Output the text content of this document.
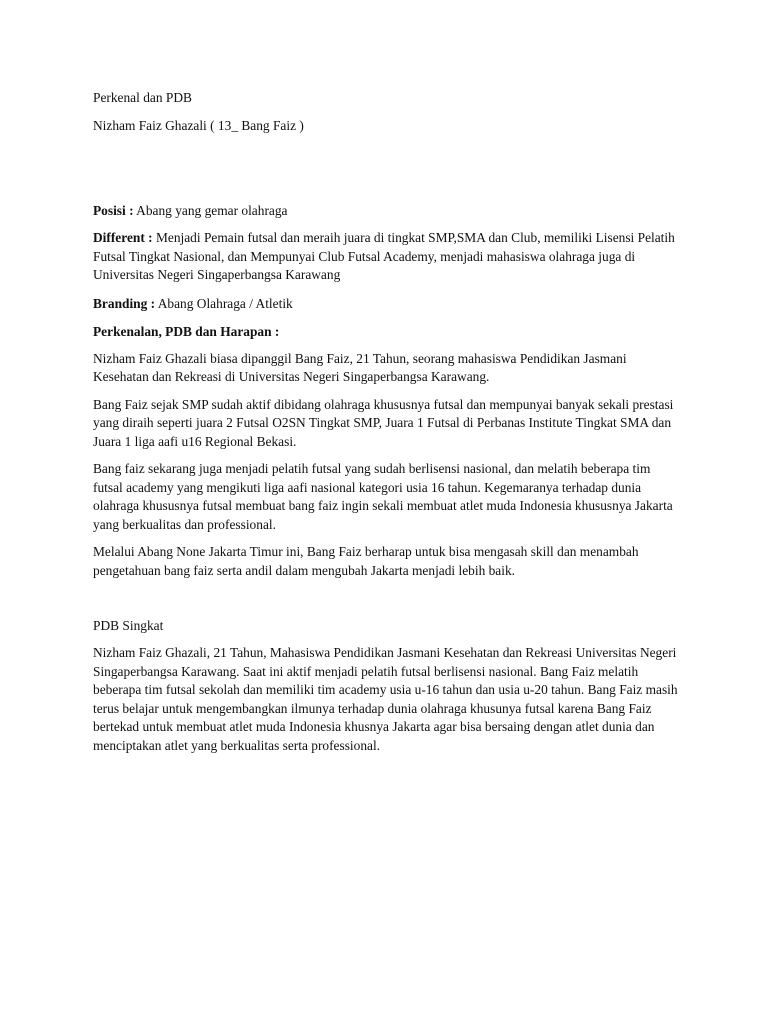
Perkenal dan PDB

Nizham Faiz Ghazali ( 13_ Bang Faiz )

Posisi : Abang yang gemar olahraga

Different : Menjadi Pemain futsal dan meraih juara di tingkat SMP,SMA dan Club, memiliki Lisensi Pelatih Futsal Tingkat Nasional, dan Mempunyai Club Futsal Academy, menjadi mahasiswa olahraga juga di Universitas Negeri Singaperbangsa Karawang

Branding : Abang Olahraga / Atletik

Perkenalan, PDB dan Harapan :

Nizham Faiz Ghazali biasa dipanggil Bang Faiz, 21 Tahun, seorang mahasiswa Pendidikan Jasmani Kesehatan dan Rekreasi di Universitas Negeri Singaperbangsa Karawang.

Bang Faiz sejak SMP sudah aktif dibidang olahraga khususnya futsal dan mempunyai banyak sekali prestasi yang diraih seperti juara 2 Futsal O2SN Tingkat SMP, Juara 1 Futsal di Perbanas Institute Tingkat SMA dan Juara 1 liga aafi u16 Regional Bekasi.

Bang faiz sekarang juga menjadi pelatih futsal yang sudah berlisensi nasional, dan melatih beberapa tim futsal academy yang mengikuti liga aafi nasional kategori usia 16 tahun. Kegemaranya terhadap dunia olahraga khususnya futsal membuat bang faiz ingin sekali membuat atlet muda Indonesia khususnya Jakarta yang berkualitas dan professional.

Melalui Abang None Jakarta Timur ini, Bang Faiz berharap untuk bisa mengasah skill dan menambah pengetahuan bang faiz serta andil dalam mengubah Jakarta menjadi lebih baik.

PDB Singkat

Nizham Faiz Ghazali, 21 Tahun, Mahasiswa Pendidikan Jasmani Kesehatan dan Rekreasi Universitas Negeri Singaperbangsa Karawang. Saat ini aktif menjadi pelatih futsal berlisensi nasional. Bang Faiz melatih beberapa tim futsal sekolah dan memiliki tim academy usia u-16 tahun dan usia u-20 tahun. Bang Faiz masih terus belajar untuk mengembangkan ilmunya terhadap dunia olahraga khusunya futsal karena Bang Faiz bertekad untuk membuat atlet muda Indonesia khusnya Jakarta agar bisa bersaing dengan atlet dunia dan menciptakan atlet yang berkualitas serta professional.
